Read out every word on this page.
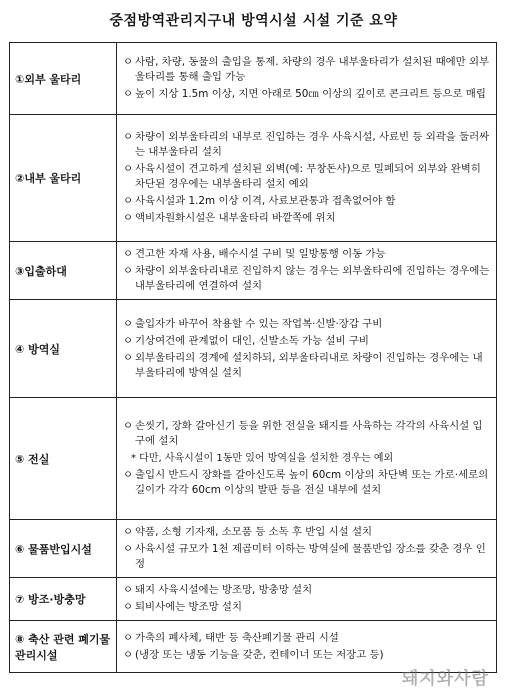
중점방역관리지구내 방역시설 시설 기준 요약
①외부 울타리	ㅇ 사람, 차량, 동물의 출입을 통제. 차량의 경우 내부울타리가 설치된 때에만 외부울타리를 통해 출입 가능
ㅇ 높이 지상 1.5m 이상, 지면 아래로 50㎝ 이상의 깊이로 콘크리트 등으로 매립

②내부 울타리	ㅇ 차량이 외부울타리의 내부로 진입하는 경우 사육시설, 사료빈 등 외곽을 둘러싸는 내부울타리 설치
ㅇ 사육시설이 견고하게 설치된 외벽(예: 무창돈사)으로 밀폐되어 외부와 완벽히 차단된 경우에는 내부울타리 설치 예외
ㅇ 사육시설과 1.2m 이상 이격, 사료보관통과 접촉없어야 함
ㅇ 액비자원화시설은 내부울타리 바깥쪽에 위치

③입출하대	ㅇ 견고한 자재 사용, 배수시설 구비 및 일방통행 이동 가능
ㅇ 차량이 외부울타리내로 진입하지 않는 경우는 외부울타리에 진입하는 경우에는 내부울타리에 연결하여 설치

④ 방역실	ㅇ 출입자가 바꾸어 착용할 수 있는 작업복·신발·장갑 구비
ㅇ 기상여건에 관계없이 대인, 신발소독 가능 설비 구비
ㅇ 외부울타리의 경계에 설치하되, 외부울타리내로 차량이 진입하는 경우에는 내부울타리에 방역실 설치

⑤ 전실	ㅇ 손씻기, 장화 갈아신기 등을 위한 전실을 돼지를 사육하는 각각의 사육시설 입구에 설치
* 다만, 사육시설이 1동만 있어 방역실을 설치한 경우는 예외
ㅇ 출입시 반드시 장화를 갈아신도록 높이 60cm 이상의 차단벽 또는 가로·세로의 길이가 각각 60cm 이상의 발판 등을 전실 내부에 설치

⑥ 물품반입시설	ㅇ 약품, 소형 기자재, 소모품 등 소독 후 반입 시설 설치
ㅇ 사육시설 규모가 1천 제곱미터 이하는 방역실에 물품반입 장소를 갖춘 경우 인정

⑦ 방조·방충망	ㅇ 돼지 사육시설에는 방조망, 방충망 설치
ㅇ 퇴비사에는 방조망 설치

⑧ 축산 관련 폐기물 관리시설	ㅇ 가축의 폐사체, 태반 등 축산폐기물 관리 시설
ㅇ (냉장 또는 냉동 기능을 갖춘, 컨테이너 또는 저장고 등)
돼지와사람
